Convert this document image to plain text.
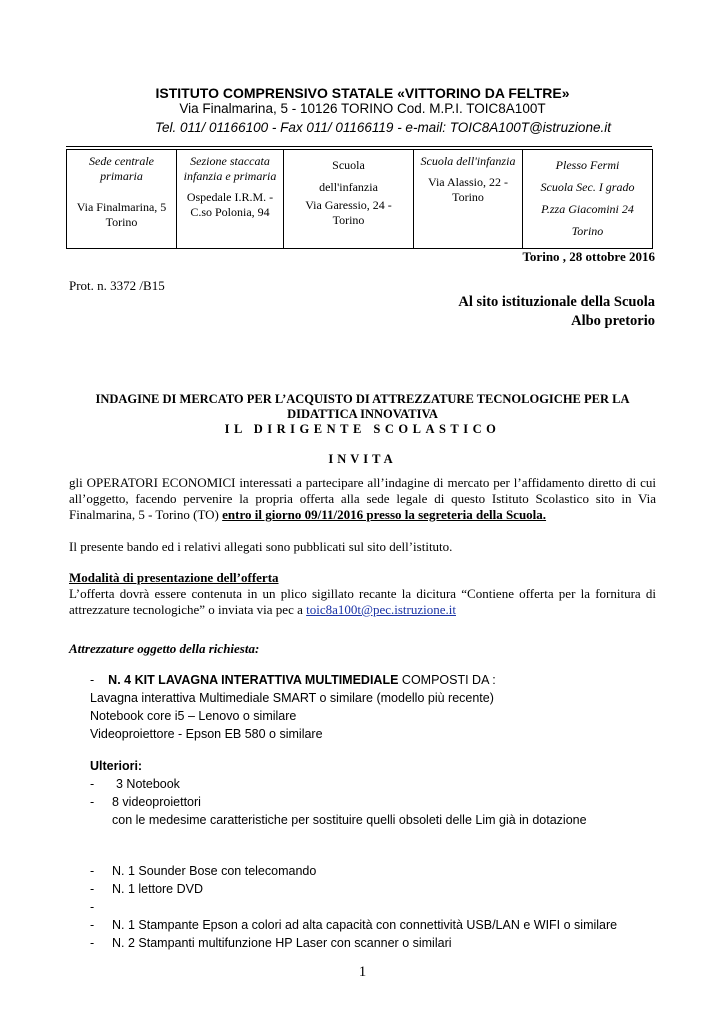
ISTITUTO COMPRENSIVO STATALE «VITTORINO DA FELTRE»
Via Finalmarina, 5 - 10126 TORINO Cod. M.P.I. TOIC8A100T
Tel. 011/ 01166100 - Fax 011/ 01166119 - e-mail: TOIC8A100T@istruzione.it
Sede centrale primaria
Via Finalmarina, 5 Torino

Sezione staccata infanzia e primaria
Ospedale I.R.M. - C.so Polonia, 94

Scuola
dell'infanzia
Via Garessio, 24 - Torino

Scuola dell'infanzia
Via Alassio, 22 - Torino

Plesso Fermi
Scuola Sec. I grado
P.zza Giacomini 24
Torino
Torino , 28 ottobre 2016
Prot. n. 3372 /B15
Al sito istituzionale della Scuola
Albo pretorio
INDAGINE DI MERCATO PER L’ACQUISTO DI ATTREZZATURE TECNOLOGICHE PER LA
DIDATTICA INNOVATIVA
IL DIRIGENTE SCOLASTICO
INVITA
gli OPERATORI ECONOMICI interessati a partecipare all’indagine di mercato per l’affidamento diretto di cui all’oggetto, facendo pervenire la propria offerta alla sede legale di questo Istituto Scolastico sito in Via Finalmarina, 5 - Torino (TO) entro il giorno 09/11/2016 presso la segreteria della Scuola.
Il presente bando ed i relativi allegati sono pubblicati sul sito dell’istituto.
Modalità di presentazione dell’offerta
L’offerta dovrà essere contenuta in un plico sigillato recante la dicitura “Contiene offerta per la fornitura di attrezzature tecnologiche” o inviata via pec a toic8a100t@pec.istruzione.it
Attrezzature oggetto della richiesta:
- N. 4 KIT LAVAGNA INTERATTIVA MULTIMEDIALE COMPOSTI DA :
Lavagna interattiva Multimediale SMART o similare (modello più recente)
Notebook core i5 – Lenovo o similare
Videoproiettore - Epson EB 580 o similare
Ulteriori:
- 3 Notebook
- 8 videoproiettori
con le medesime caratteristiche per sostituire quelli obsoleti delle Lim già in dotazione
- N. 1 Sounder Bose con telecomando
- N. 1 lettore DVD
-
- N. 1 Stampante Epson a colori ad alta capacità con connettività USB/LAN e WIFI o similare
- N. 2 Stampanti multifunzione HP Laser con scanner o similari
1
